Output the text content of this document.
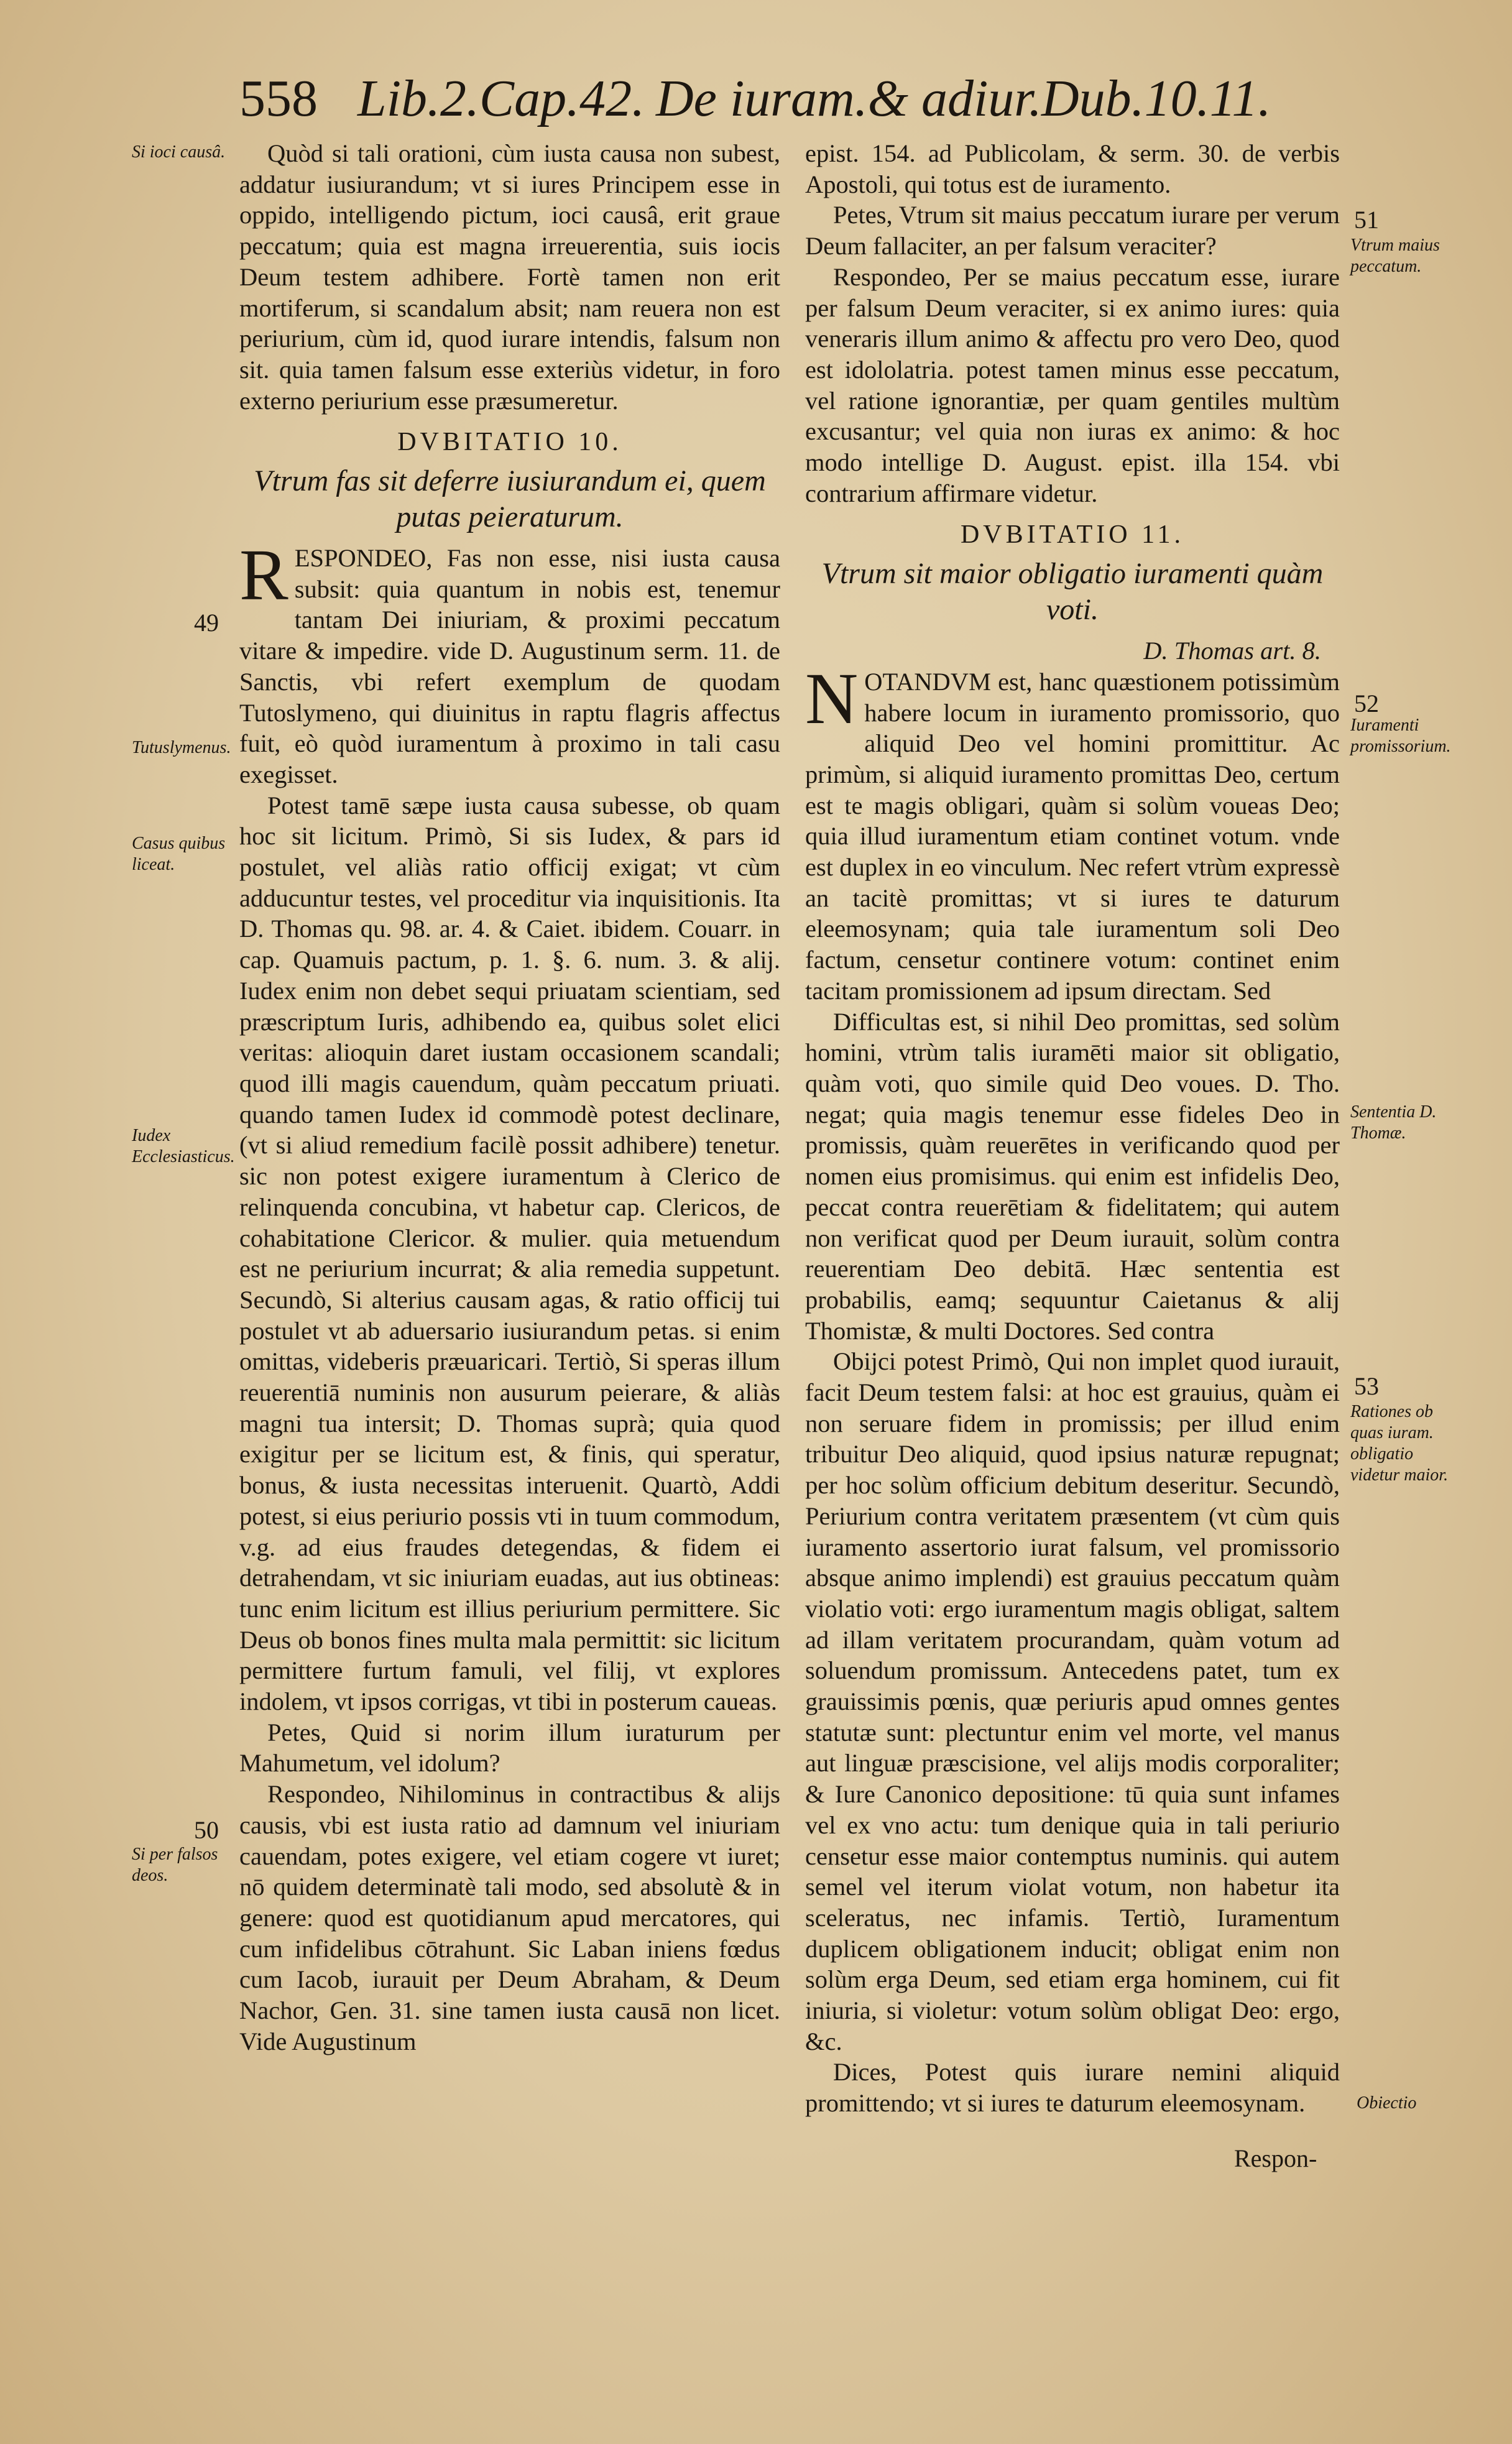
558 Lib.2.Cap.42. De iuram.& adiur. Dub.10.11.
Si ioci causâ.
49
Tutuslymenus.
Casus quibus liceat.
Iudex Ecclesiasticus.
50
Si per falsos deos.
51
Vtrum maius peccatum.
52
Iuramenti promissorium.
Sententia D. Thomæ.
53
Rationes ob quas iuram. obligatio videtur maior.
Obiectio

Quòd si tali orationi, cùm iusta causa non subest, addatur iusiurandum; vt si iures Principem esse in oppido, intelligendo pictum, ioci causâ, erit graue peccatum; quia est magna irreuerentia, suis iocis Deum testem adhibere. Fortè tamen non erit mortiferum, si scandalum absit; nam reuera non est periurium, cùm id, quod iurare intendis, falsum non sit. quia tamen falsum esse exteriùs videtur, in foro externo periurium esse præsumeretur.

DVBITATIO 10.

Vtrum fas sit deferre iusiurandum ei, quem putas peieraturum.

RESPONDEO, Fas non esse, nisi iusta causa subsit: quia quantum in nobis est, tenemur tantam Dei iniuriam, & proximi peccatum vitare & impedire. vide D. Augustinum serm. 11. de Sanctis, vbi refert exemplum de quodam Tutoslymeno, qui diuinitus in raptu flagris affectus fuit, eò quòd iuramentum à proximo in tali casu exegisset.

Potest tamē sæpe iusta causa subesse, ob quam hoc sit licitum. Primò, Si sis Iudex, & pars id postulet, vel aliàs ratio officij exigat; vt cùm adducuntur testes, vel proceditur via inquisitionis. Ita D. Thomas qu. 98. ar. 4. & Caiet. ibidem. Couarr. in cap. Quamuis pactum, p. 1. §. 6. num. 3. & alij. Iudex enim non debet sequi priuatam scientiam, sed præscriptum Iuris, adhibendo ea, quibus solet elici veritas: alioquin daret iustam occasionem scandali; quod illi magis cauendum, quàm peccatum priuati. quando tamen Iudex id commodè potest declinare, (vt si aliud remedium facilè possit adhibere) tenetur. sic non potest exigere iuramentum à Clerico de relinquenda concubina, vt habetur cap. Clericos, de cohabitatione Clericor. & mulier. quia metuendum est ne periurium incurrat; & alia remedia suppetunt. Secundò, Si alterius causam agas, & ratio officij tui postulet vt ab aduersario iusiurandum petas. si enim omittas, videberis præuaricari. Tertiò, Si speras illum reuerentiā numinis non ausurum peierare, & aliàs magni tua intersit; D. Thomas suprà; quia quod exigitur per se licitum est, & finis, qui speratur, bonus, & iusta necessitas interuenit. Quartò, Addi potest, si eius periurio possis vti in tuum commodum, v.g. ad eius fraudes detegendas, & fidem ei detrahendam, vt sic iniuriam euadas, aut ius obtineas: tunc enim licitum est illius periurium permittere. Sic Deus ob bonos fines multa mala permittit: sic licitum permittere furtum famuli, vel filij, vt explores indolem, vt ipsos corrigas, vt tibi in posterum caueas.

Petes, Quid si norim illum iuraturum per Mahumetum, vel idolum?

Respondeo, Nihilominus in contractibus & alijs causis, vbi est iusta ratio ad damnum vel iniuriam cauendam, potes exigere, vel etiam cogere vt iuret; nō quidem determinatè tali modo, sed absolutè & in genere: quod est quotidianum apud mercatores, qui cum infidelibus cōtrahunt. Sic Laban iniens fœdus cum Iacob, iurauit per Deum Abraham, & Deum Nachor, Gen. 31. sine tamen iusta causā non licet. Vide Augustinum

epist. 154. ad Publicolam, & serm. 30. de verbis Apostoli, qui totus est de iuramento.

Petes, Vtrum sit maius peccatum iurare per verum Deum fallaciter, an per falsum veraciter?

Respondeo, Per se maius peccatum esse, iurare per falsum Deum veraciter, si ex animo iures: quia veneraris illum animo & affectu pro vero Deo, quod est idololatria. potest tamen minus esse peccatum, vel ratione ignorantiæ, per quam gentiles multùm excusantur; vel quia non iuras ex animo: & hoc modo intellige D. August. epist. illa 154. vbi contrarium affirmare videtur.

DVBITATIO 11.

Vtrum sit maior obligatio iuramenti quàm voti.

D. Thomas art. 8.

NOTANDVM est, hanc quæstionem potissimùm habere locum in iuramento promissorio, quo aliquid Deo vel homini promittitur. Ac primùm, si aliquid iuramento promittas Deo, certum est te magis obligari, quàm si solùm voueas Deo; quia illud iuramentum etiam continet votum. vnde est duplex in eo vinculum. Nec refert vtrùm expressè an tacitè promittas; vt si iures te daturum eleemosynam; quia tale iuramentum soli Deo factum, censetur continere votum: continet enim tacitam promissionem ad ipsum directam. Sed

Difficultas est, si nihil Deo promittas, sed solùm homini, vtrùm talis iuramēti maior sit obligatio, quàm voti, quo simile quid Deo voues. D. Tho. negat; quia magis tenemur esse fideles Deo in promissis, quàm reuerētes in verificando quod per nomen eius promisimus. qui enim est infidelis Deo, peccat contra reuerētiam & fidelitatem; qui autem non verificat quod per Deum iurauit, solùm contra reuerentiam Deo debitā. Hæc sententia est probabilis, eamq; sequuntur Caietanus & alij Thomistæ, & multi Doctores. Sed contra

Obijci potest Primò, Qui non implet quod iurauit, facit Deum testem falsi: at hoc est grauius, quàm ei non seruare fidem in promissis; per illud enim tribuitur Deo aliquid, quod ipsius naturæ repugnat; per hoc solùm officium debitum deseritur. Secundò, Periurium contra veritatem præsentem (vt cùm quis iuramento assertorio iurat falsum, vel promissorio absque animo implendi) est grauius peccatum quàm violatio voti: ergo iuramentum magis obligat, saltem ad illam veritatem procurandam, quàm votum ad soluendum promissum. Antecedens patet, tum ex grauissimis pœnis, quæ periuris apud omnes gentes statutæ sunt: plectuntur enim vel morte, vel manus aut linguæ præscisione, vel alijs modis corporaliter; & Iure Canonico depositione: tū quia sunt infames vel ex vno actu: tum denique quia in tali periurio censetur esse maior contemptus numinis. qui autem semel vel iterum violat votum, non habetur ita sceleratus, nec infamis. Tertiò, Iuramentum duplicem obligationem inducit; obligat enim non solùm erga Deum, sed etiam erga hominem, cui fit iniuria, si violetur: votum solùm obligat Deo: ergo, &c.

Dices, Potest quis iurare nemini aliquid promittendo; vt si iures te daturum eleemosynam.

Respon-
